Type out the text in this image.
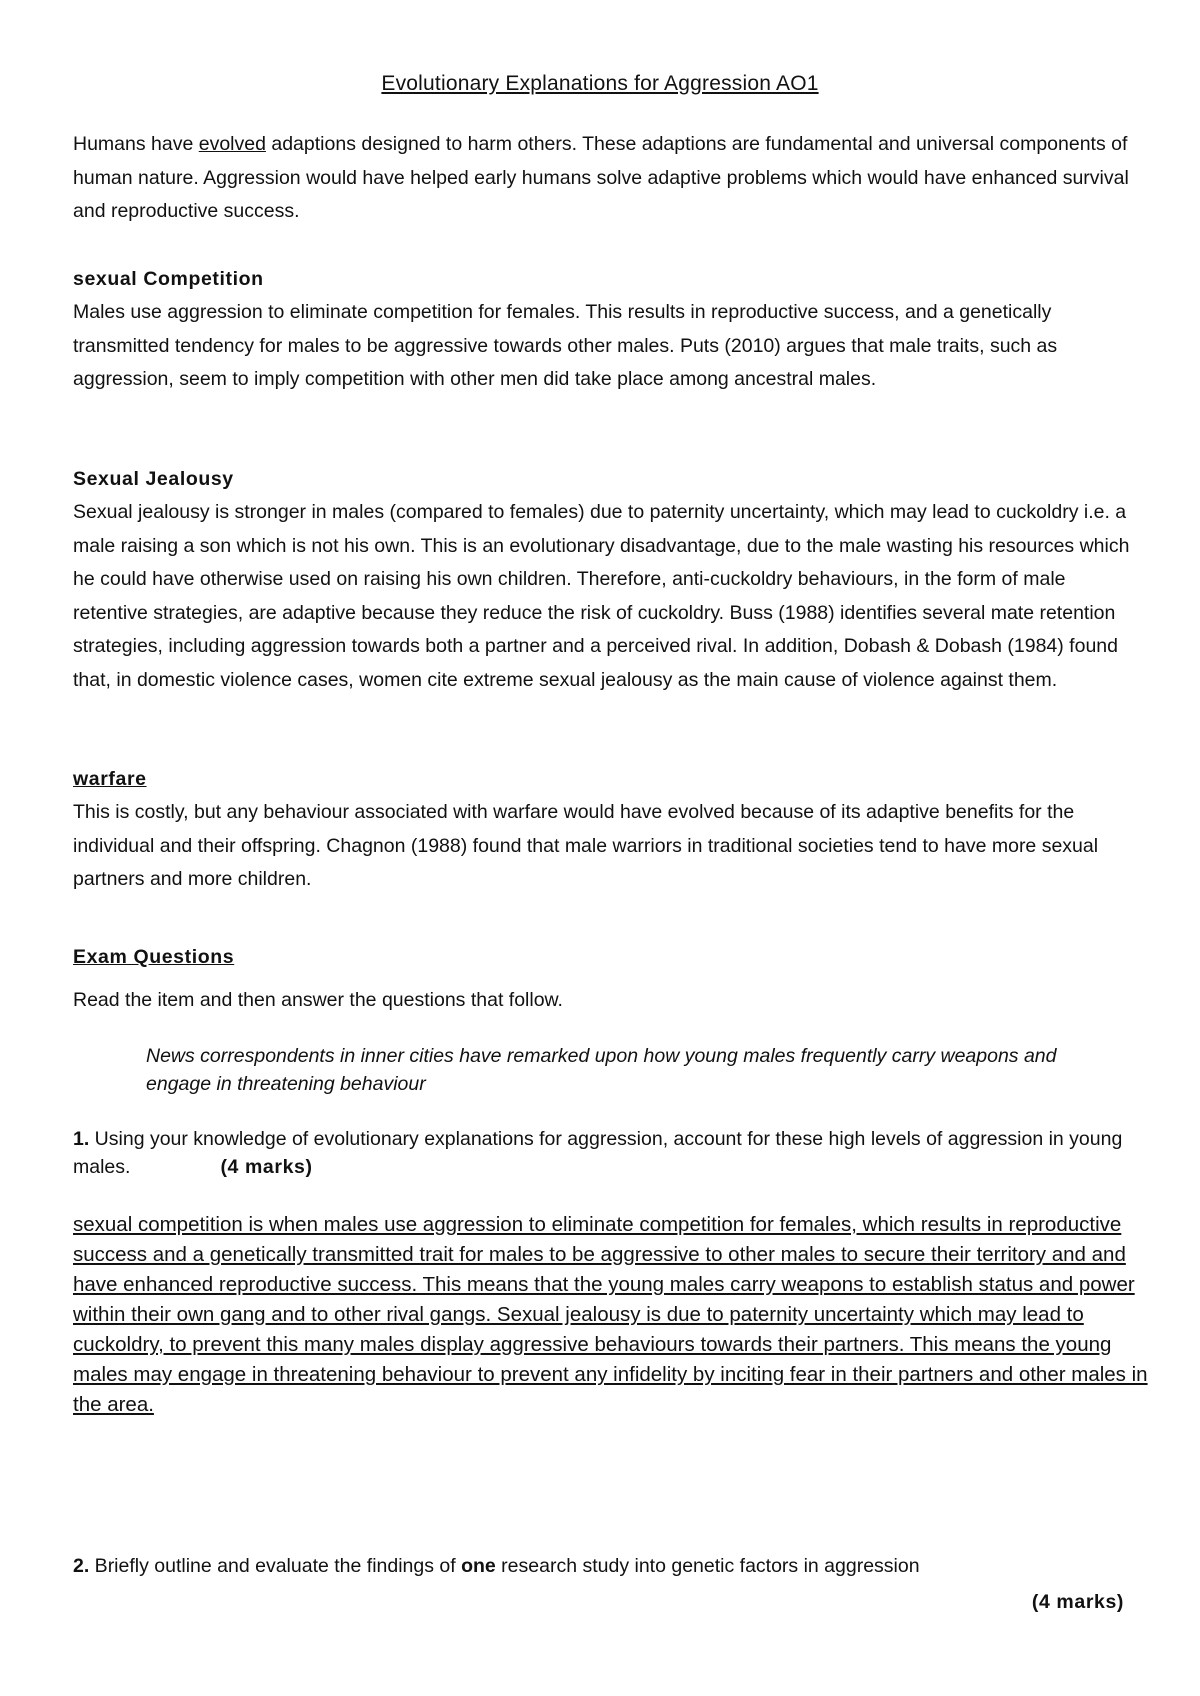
Evolutionary Explanations for Aggression AO1

Humans have evolved adaptions designed to harm others. These adaptions are fundamental and universal components of human nature. Aggression would have helped early humans solve adaptive problems which would have enhanced survival and reproductive success.

sexual Competition

Males use aggression to eliminate competition for females. This results in reproductive success, and a genetically transmitted tendency for males to be aggressive towards other males. Puts (2010) argues that male traits, such as aggression, seem to imply competition with other men did take place among ancestral males.

Sexual Jealousy

Sexual jealousy is stronger in males (compared to females) due to paternity uncertainty, which may lead to cuckoldry i.e. a male raising a son which is not his own. This is an evolutionary disadvantage, due to the male wasting his resources which he could have otherwise used on raising his own children. Therefore, anti-cuckoldry behaviours, in the form of male retentive strategies, are adaptive because they reduce the risk of cuckoldry. Buss (1988) identifies several mate retention strategies, including aggression towards both a partner and a perceived rival. In addition, Dobash & Dobash (1984) found that, in domestic violence cases, women cite extreme sexual jealousy as the main cause of violence against them.

warfare

This is costly, but any behaviour associated with warfare would have evolved because of its adaptive benefits for the individual and their offspring. Chagnon (1988) found that male warriors in traditional societies tend to have more sexual partners and more children.

Exam Questions

Read the item and then answer the questions that follow.

News correspondents in inner cities have remarked upon how young males frequently carry weapons and engage in threatening behaviour

1. Using your knowledge of evolutionary explanations for aggression, account for these high levels of aggression in young males.	(4 marks)

sexual competition is when males use aggression to eliminate competition for females, which results in reproductive success and a genetically transmitted trait for males to be aggressive to other males to secure their territory and and have enhanced reproductive success. This means that the young males carry weapons to establish status and power within their own gang and to other rival gangs. Sexual jealousy is due to paternity uncertainty which may lead to cuckoldry, to prevent this many males display aggressive behaviours towards their partners. This means the young males may engage in threatening behaviour to prevent any infidelity by inciting fear in their partners and other males in the area.

2. Briefly outline and evaluate the findings of one research study into genetic factors in aggression

(4 marks)
